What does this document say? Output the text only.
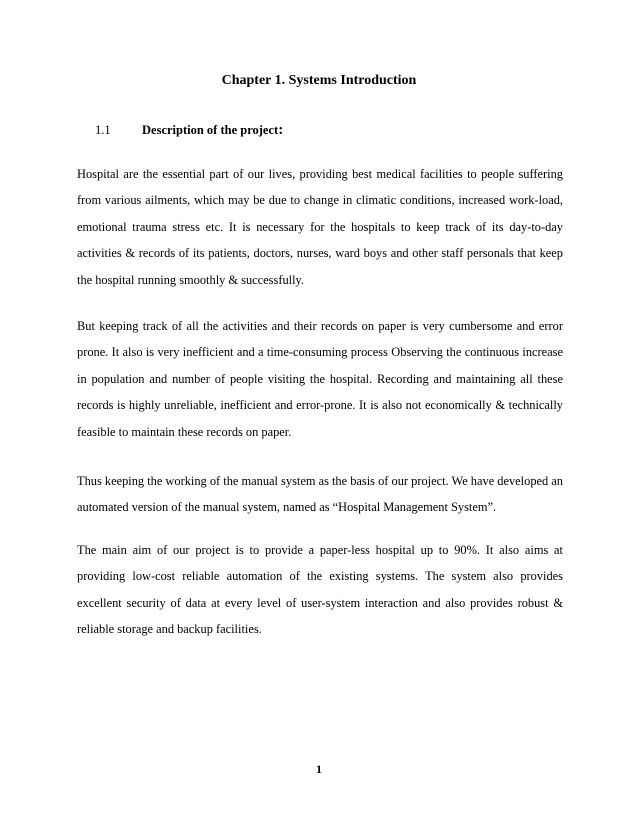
Chapter 1. Systems Introduction
1.1	Description of the project:

Hospital are the essential part of our lives, providing best medical facilities to people suffering from various ailments, which may be due to change in climatic conditions, increased work-load, emotional trauma stress etc. It is necessary for the hospitals to keep track of its day-to-day activities & records of its patients, doctors, nurses, ward boys and other staff personals that keep the hospital running smoothly & successfully.

But keeping track of all the activities and their records on paper is very cumbersome and error prone. It also is very inefficient and a time-consuming process Observing the continuous increase in population and number of people visiting the hospital. Recording and maintaining all these records is highly unreliable, inefficient and error-prone. It is also not economically & technically feasible to maintain these records on paper.

Thus keeping the working of the manual system as the basis of our project. We have developed an automated version of the manual system, named as “Hospital Management System”.

The main aim of our project is to provide a paper-less hospital up to 90%. It also aims at providing low-cost reliable automation of the existing systems. The system also provides excellent security of data at every level of user-system interaction and also provides robust & reliable storage and backup facilities.

1
